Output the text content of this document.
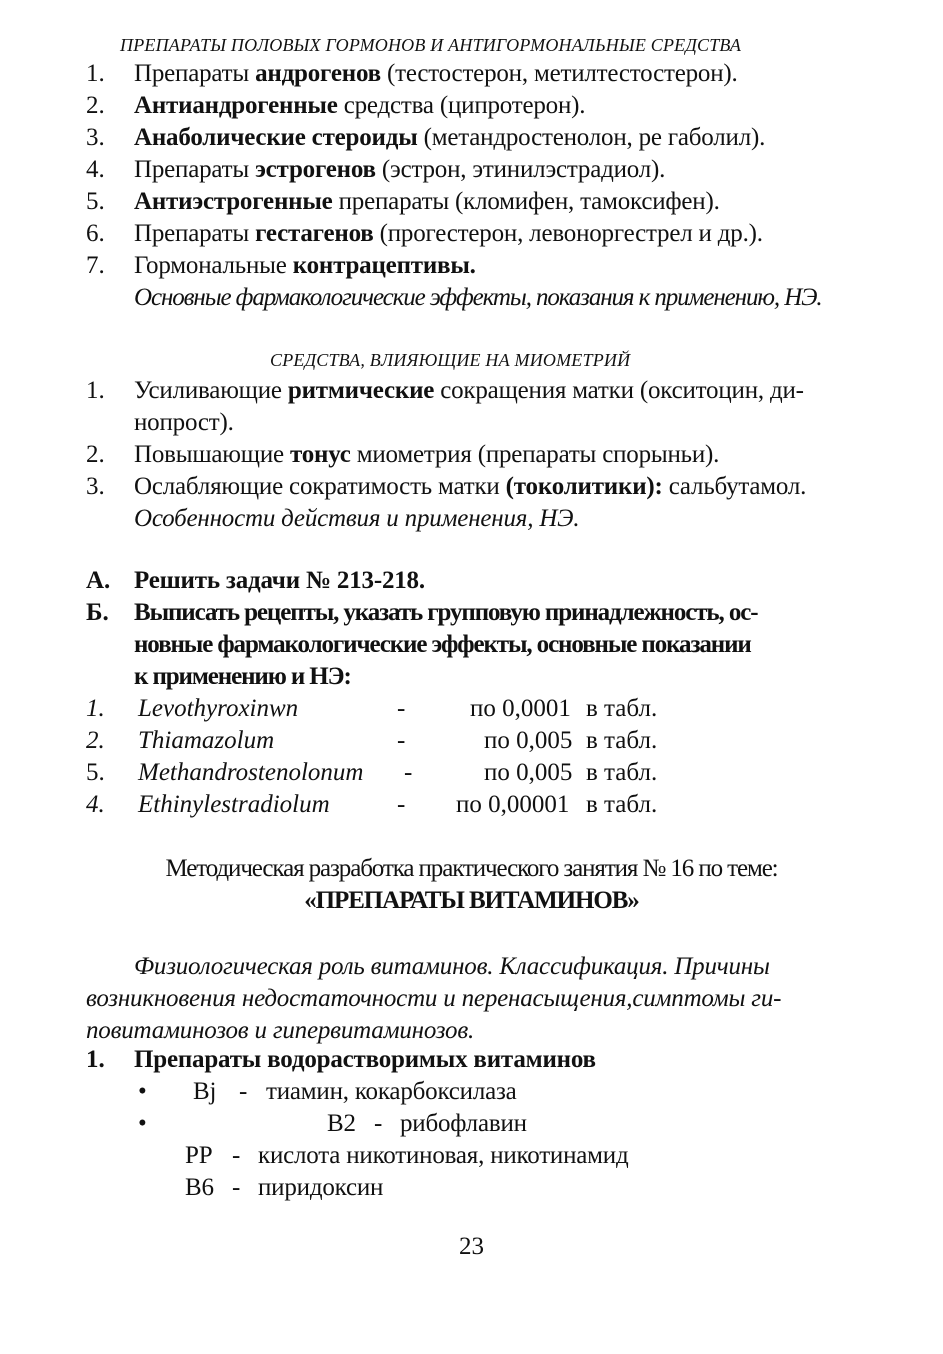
ПРЕПАРАТЫ ПОЛОВЫХ ГОРМОНОВ И АНТИГОРМОНАЛЬНЫЕ СРЕДСТВА
1. Препараты андрогенов (тестостерон, метилтестостерон).
2. Антиандрогенные средства (ципротерон).
3. Анаболические стероиды (метандростенолон, ре габолил).
4. Препараты эстрогенов (эстрон, этинилэстрадиол).
5. Антиэстрогенные препараты (кломифен, тамоксифен).
6. Препараты гестагенов (прогестерон, левоноргестрел и др.).
7. Гормональные контрацептивы.
Основные фармакологические эффекты, показания к применению, НЭ.
СРЕДСТВА, ВЛИЯЮЩИЕ НА МИОМЕТРИЙ
1. Усиливающие ритмические сокращения матки (окситоцин, ди-
нопрост).
2. Повышающие тонус миометрия (препараты спорыньи).
3. Ослабляющие сократимость матки (токолитики): сальбутамол.
Особенности действия и применения, НЭ.
А. Решить задачи № 213-218.
Б. Выписать рецепты, указать групповую принадлежность, ос-
новные фармакологические эффекты, основные показании
к применению и НЭ:
1. Levothyroxinwn	-	по 0,0001 в табл.
2. Thiamazolum	-	по 0,005 в табл.
5. Methandrostenolonum -	по 0,005 в табл.
4. Ethinylestradiolum	- по 0,00001 в табл.
Методическая разработка практического занятия № 16 по теме:
«ПРЕПАРАТЫ ВИТАМИНОВ»
Физиологическая роль витаминов. Классификация. Причины
возникновения недостаточности и перенасыщения,симптомы ги-
повитаминозов и гипервитаминозов.
1. Препараты водорастворимых витаминов
• Bj - тиамин, кокарбоксилаза
•	B2 - рибофлавин
PP - кислота никотиновая, никотинамид
B6 - пиридоксин
23
